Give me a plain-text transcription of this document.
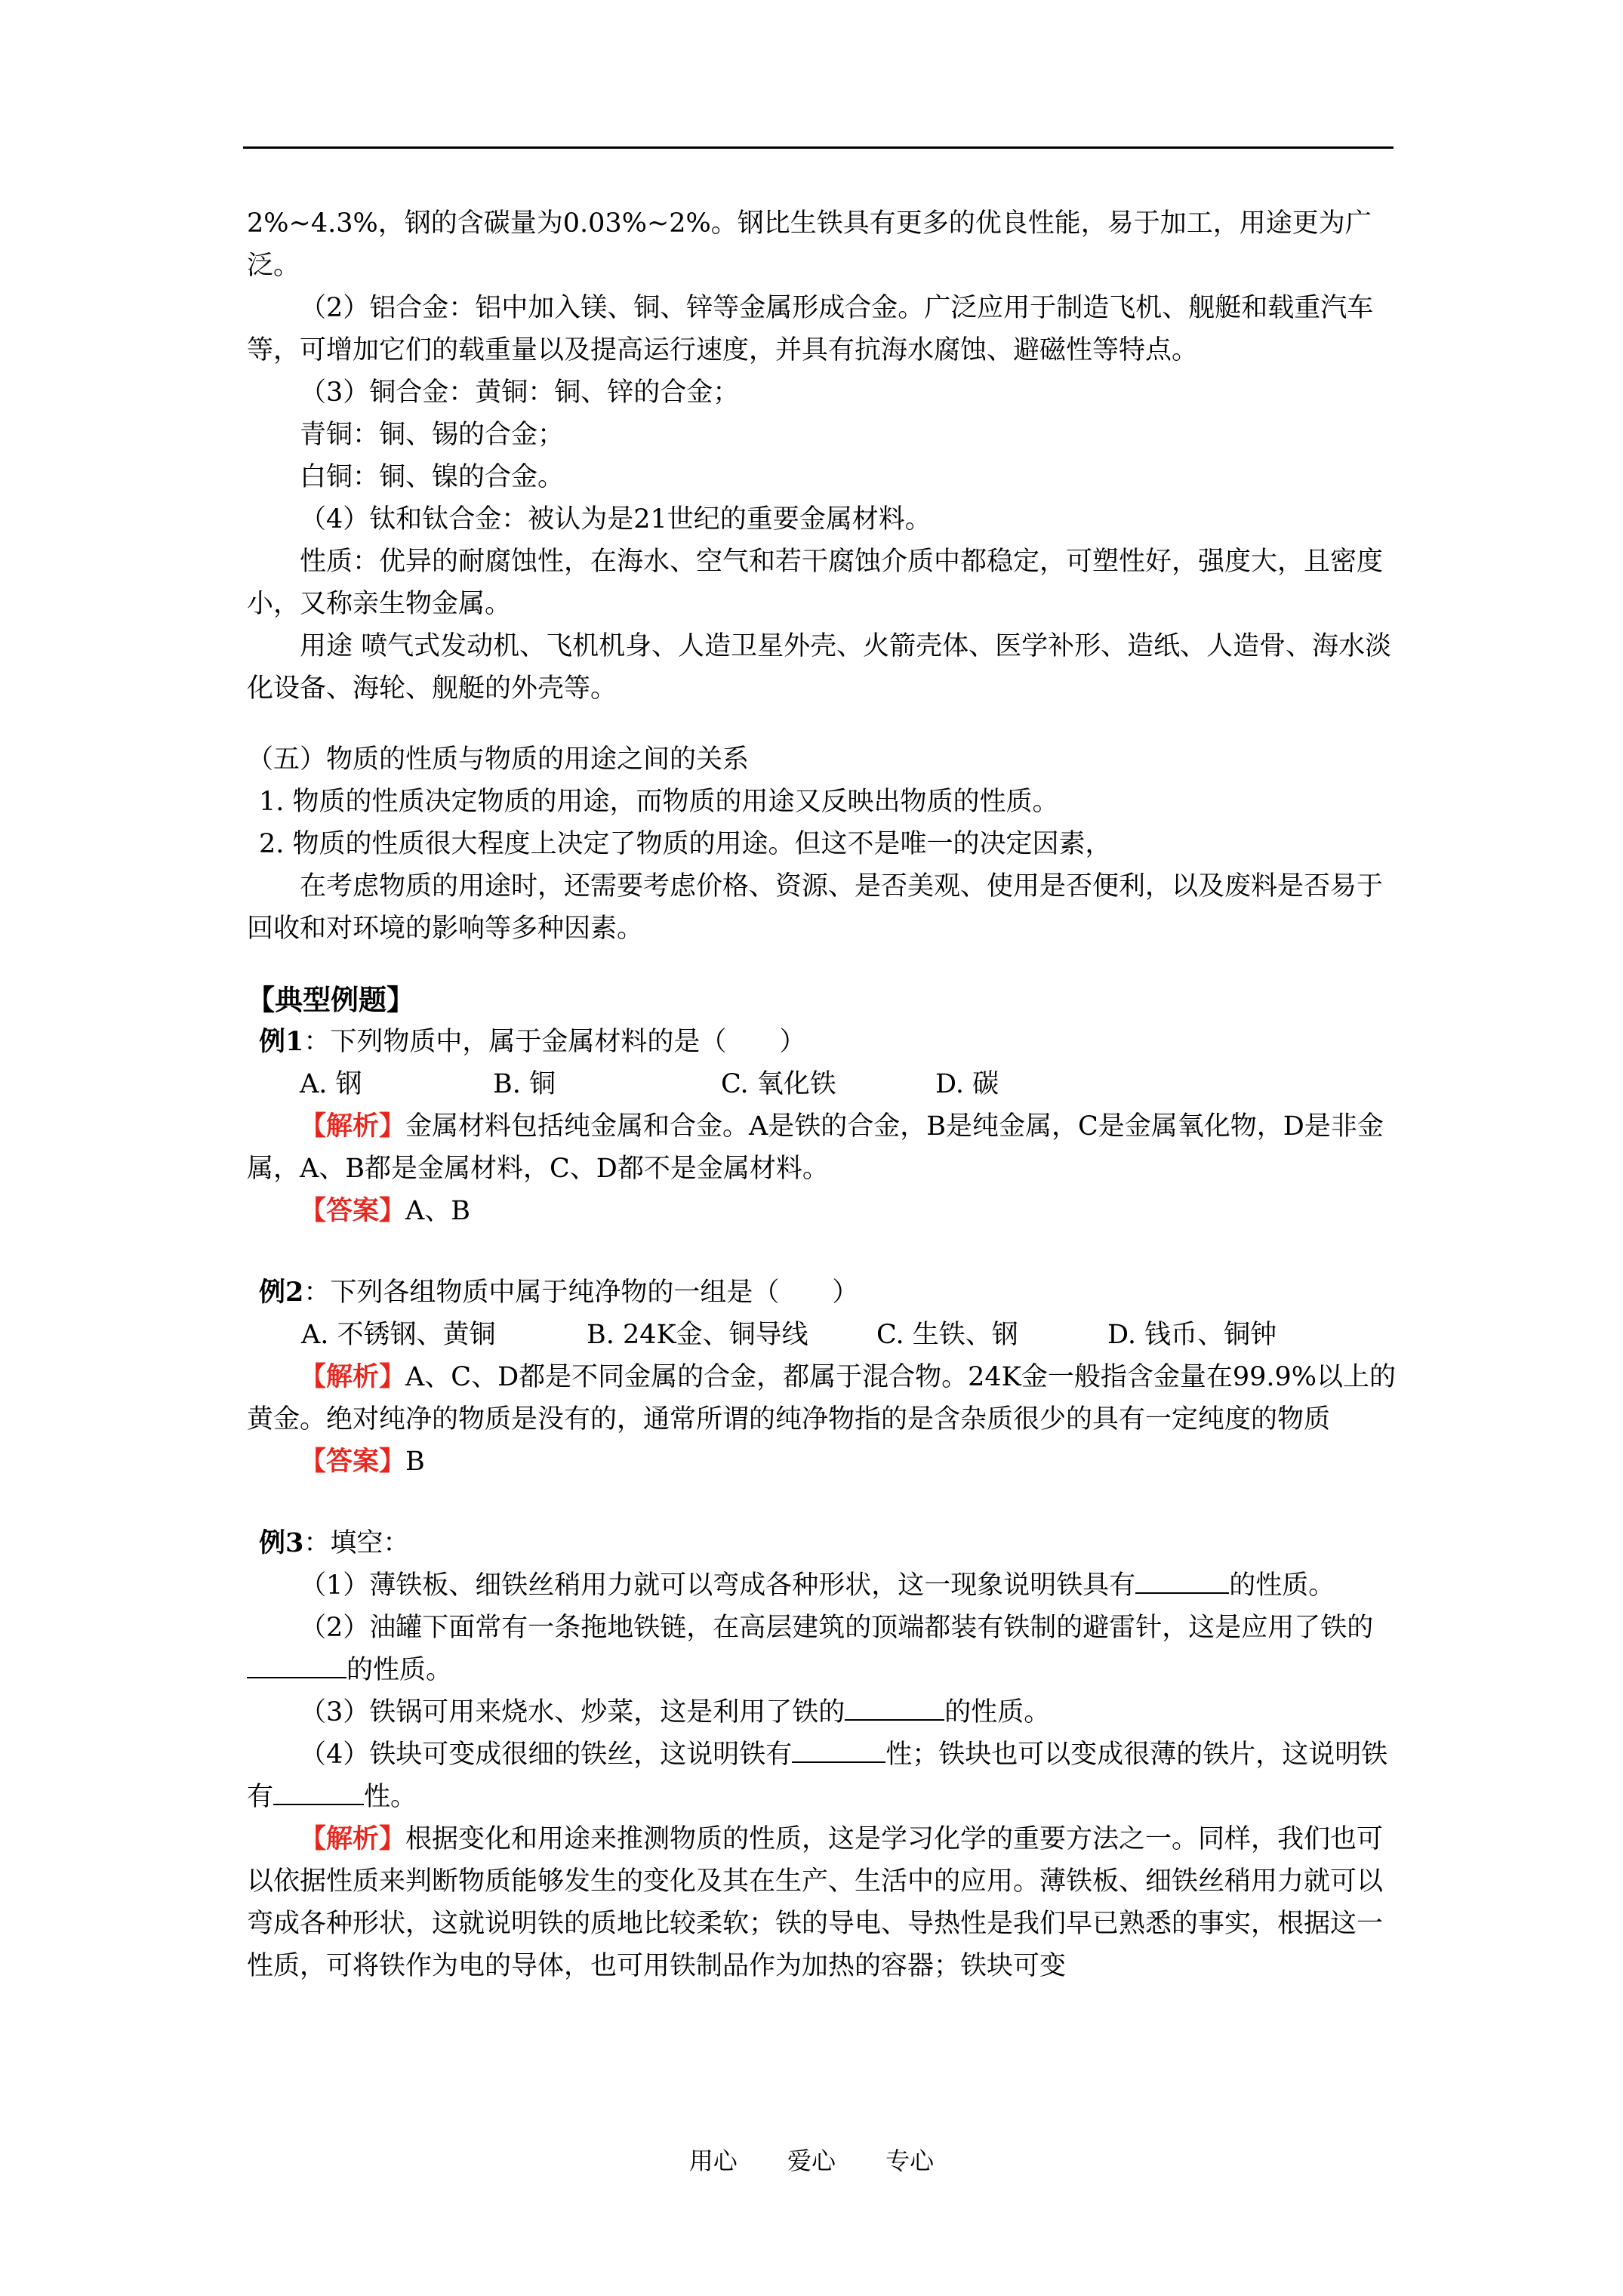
2%~4.3%，钢的含碳量为0.03%~2%。钢比生铁具有更多的优良性能，易于加工，用途更为广泛。

（2）铝合金：铝中加入镁、铜、锌等金属形成合金。广泛应用于制造飞机、舰艇和载重汽车等，可增加它们的载重量以及提高运行速度，并具有抗海水腐蚀、避磁性等特点。

（3）铜合金：黄铜：铜、锌的合金；

青铜：铜、锡的合金；

白铜：铜、镍的合金。

（4）钛和钛合金：被认为是21世纪的重要金属材料。

性质：优异的耐腐蚀性，在海水、空气和若干腐蚀介质中都稳定，可塑性好，强度大，且密度小，又称亲生物金属。

用途 喷气式发动机、飞机机身、人造卫星外壳、火箭壳体、医学补形、造纸、人造骨、海水淡化设备、海轮、舰艇的外壳等。

（五）物质的性质与物质的用途之间的关系

1. 物质的性质决定物质的用途，而物质的用途又反映出物质的性质。

2. 物质的性质很大程度上决定了物质的用途。但这不是唯一的决定因素，

在考虑物质的用途时，还需要考虑价格、资源、是否美观、使用是否便利，以及废料是否易于回收和对环境的影响等多种因素。

【典型例题】

例1：下列物质中，属于金属材料的是（　　）

A. 钢	B. 铜	C. 氧化铁	D. 碳

【解析】金属材料包括纯金属和合金。A是铁的合金，B是纯金属，C是金属氧化物，D是非金属，A、B都是金属材料，C、D都不是金属材料。

【答案】A、B

例2：下列各组物质中属于纯净物的一组是（　　）

A. 不锈钢、黄铜	B. 24K金、铜导线	C. 生铁、钢	D. 钱币、铜钟

【解析】A、C、D都是不同金属的合金，都属于混合物。24K金一般指含金量在99.9%以上的黄金。绝对纯净的物质是没有的，通常所谓的纯净物指的是含杂质很少的具有一定纯度的物质

【答案】B

例3：填空：

（1）薄铁板、细铁丝稍用力就可以弯成各种形状，这一现象说明铁具有	的性质。

（2）油罐下面常有一条拖地铁链，在高层建筑的顶端都装有铁制的避雷针，这是应用了铁的的性质。

（3）铁锅可用来烧水、炒菜，这是利用了铁的	的性质。

（4）铁块可变成很细的铁丝，这说明铁有	性；铁块也可以变成很薄的铁片，这说明铁有	性。

【解析】根据变化和用途来推测物质的性质，这是学习化学的重要方法之一。同样，我们也可以依据性质来判断物质能够发生的变化及其在生产、生活中的应用。薄铁板、细铁丝稍用力就可以弯成各种形状，这就说明铁的质地比较柔软；铁的导电、导热性是我们早已熟悉的事实，根据这一性质，可将铁作为电的导体，也可用铁制品作为加热的容器；铁块可变

用心 爱心 专心
